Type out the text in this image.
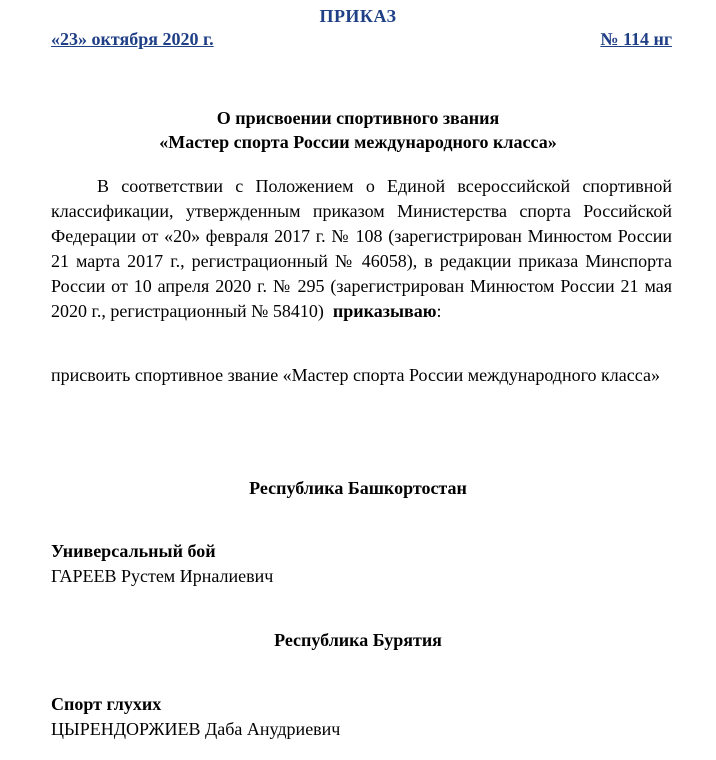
ПРИКАЗ
«23» октября 2020 г.	№ 114 нг
О присвоении спортивного звания
«Мастер спорта России международного класса»

В соответствии с Положением о Единой всероссийской спортивной классификации, утвержденным приказом Министерства спорта Российской Федерации от «20» февраля 2017 г. № 108 (зарегистрирован Минюстом России 21 марта 2017 г., регистрационный № 46058), в редакции приказа Минспорта России от 10 апреля 2020 г. № 295 (зарегистрирован Минюстом России 21 мая 2020 г., регистрационный № 58410) приказываю:

присвоить спортивное звание «Мастер спорта России международного класса»

Республика Башкортостан
Универсальный бой
ГАРЕЕВ Рустем Ирналиевич
Республика Бурятия
Спорт глухих
ЦЫРЕНДОРЖИЕВ Даба Анудриевич
